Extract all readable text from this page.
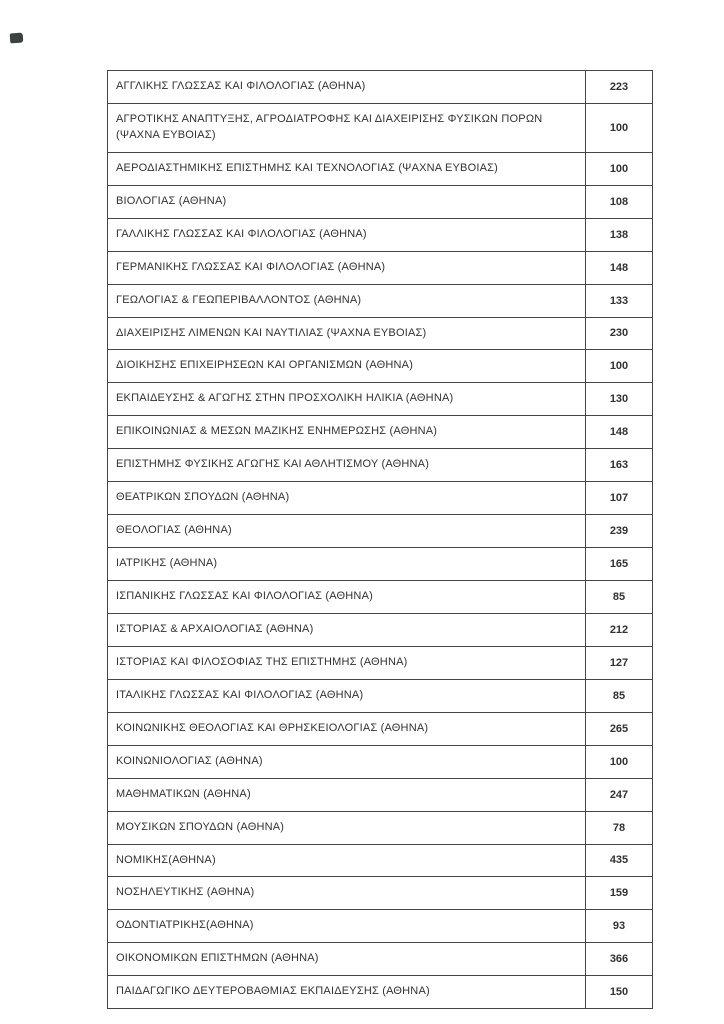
ΑΓΓΛΙΚΗΣ ΓΛΩΣΣΑΣ ΚΑΙ ΦΙΛΟΛΟΓΙΑΣ (ΑΘΗΝΑ)	223
ΑΓΡΟΤΙΚΗΣ ΑΝΑΠΤΥΞΗΣ, ΑΓΡΟΔΙΑΤΡΟΦΗΣ ΚΑΙ ΔΙΑΧΕΙΡΙΣΗΣ ΦΥΣΙΚΩΝ ΠΟΡΩΝ (ΨΑΧΝΑ ΕΥΒΟΙΑΣ)	100
ΑΕΡΟΔΙΑΣΤΗΜΙΚΗΣ ΕΠΙΣΤΗΜΗΣ ΚΑΙ ΤΕΧΝΟΛΟΓΙΑΣ (ΨΑΧΝΑ ΕΥΒΟΙΑΣ)	100
ΒΙΟΛΟΓΙΑΣ (ΑΘΗΝΑ)	108
ΓΑΛΛΙΚΗΣ ΓΛΩΣΣΑΣ ΚΑΙ ΦΙΛΟΛΟΓΙΑΣ (ΑΘΗΝΑ)	138
ΓΕΡΜΑΝΙΚΗΣ ΓΛΩΣΣΑΣ ΚΑΙ ΦΙΛΟΛΟΓΙΑΣ (ΑΘΗΝΑ)	148
ΓΕΩΛΟΓΙΑΣ & ΓΕΩΠΕΡΙΒΑΛΛΟΝΤΟΣ (ΑΘΗΝΑ)	133
ΔΙΑΧΕΙΡΙΣΗΣ ΛΙΜΕΝΩΝ ΚΑΙ ΝΑΥΤΙΛΙΑΣ (ΨΑΧΝΑ ΕΥΒΟΙΑΣ)	230
ΔΙΟΙΚΗΣΗΣ ΕΠΙΧΕΙΡΗΣΕΩΝ ΚΑΙ ΟΡΓΑΝΙΣΜΩΝ (ΑΘΗΝΑ)	100
ΕΚΠΑΙΔΕΥΣΗΣ & ΑΓΩΓΗΣ ΣΤΗΝ ΠΡΟΣΧΟΛΙΚΗ ΗΛΙΚΙΑ (ΑΘΗΝΑ)	130
ΕΠΙΚΟΙΝΩΝΙΑΣ & ΜΕΣΩΝ ΜΑΖΙΚΗΣ ΕΝΗΜΕΡΩΣΗΣ (ΑΘΗΝΑ)	148
ΕΠΙΣΤΗΜΗΣ ΦΥΣΙΚΗΣ ΑΓΩΓΗΣ ΚΑΙ ΑΘΛΗΤΙΣΜΟΥ (ΑΘΗΝΑ)	163
ΘΕΑΤΡΙΚΩΝ ΣΠΟΥΔΩΝ (ΑΘΗΝΑ)	107
ΘΕΟΛΟΓΙΑΣ (ΑΘΗΝΑ)	239
ΙΑΤΡΙΚΗΣ (ΑΘΗΝΑ)	165
ΙΣΠΑΝΙΚΗΣ ΓΛΩΣΣΑΣ ΚΑΙ ΦΙΛΟΛΟΓΙΑΣ (ΑΘΗΝΑ)	85
ΙΣΤΟΡΙΑΣ & ΑΡΧΑΙΟΛΟΓΙΑΣ (ΑΘΗΝΑ)	212
ΙΣΤΟΡΙΑΣ ΚΑΙ ΦΙΛΟΣΟΦΙΑΣ ΤΗΣ ΕΠΙΣΤΗΜΗΣ (ΑΘΗΝΑ)	127
ΙΤΑΛΙΚΗΣ ΓΛΩΣΣΑΣ ΚΑΙ ΦΙΛΟΛΟΓΙΑΣ (ΑΘΗΝΑ)	85
ΚΟΙΝΩΝΙΚΗΣ ΘΕΟΛΟΓΙΑΣ ΚΑΙ ΘΡΗΣΚΕΙΟΛΟΓΙΑΣ (ΑΘΗΝΑ)	265
ΚΟΙΝΩΝΙΟΛΟΓΙΑΣ (ΑΘΗΝΑ)	100
ΜΑΘΗΜΑΤΙΚΩΝ (ΑΘΗΝΑ)	247
ΜΟΥΣΙΚΩΝ ΣΠΟΥΔΩΝ (ΑΘΗΝΑ)	78
ΝΟΜΙΚΗΣ(ΑΘΗΝΑ)	435
ΝΟΣΗΛΕΥΤΙΚΗΣ (ΑΘΗΝΑ)	159
ΟΔΟΝΤΙΑΤΡΙΚΗΣ(ΑΘΗΝΑ)	93
ΟΙΚΟΝΟΜΙΚΩΝ ΕΠΙΣΤΗΜΩΝ (ΑΘΗΝΑ)	366
ΠΑΙΔΑΓΩΓΙΚΟ ΔΕΥΤΕΡΟΒΑΘΜΙΑΣ ΕΚΠΑΙΔΕΥΣΗΣ (ΑΘΗΝΑ)	150
